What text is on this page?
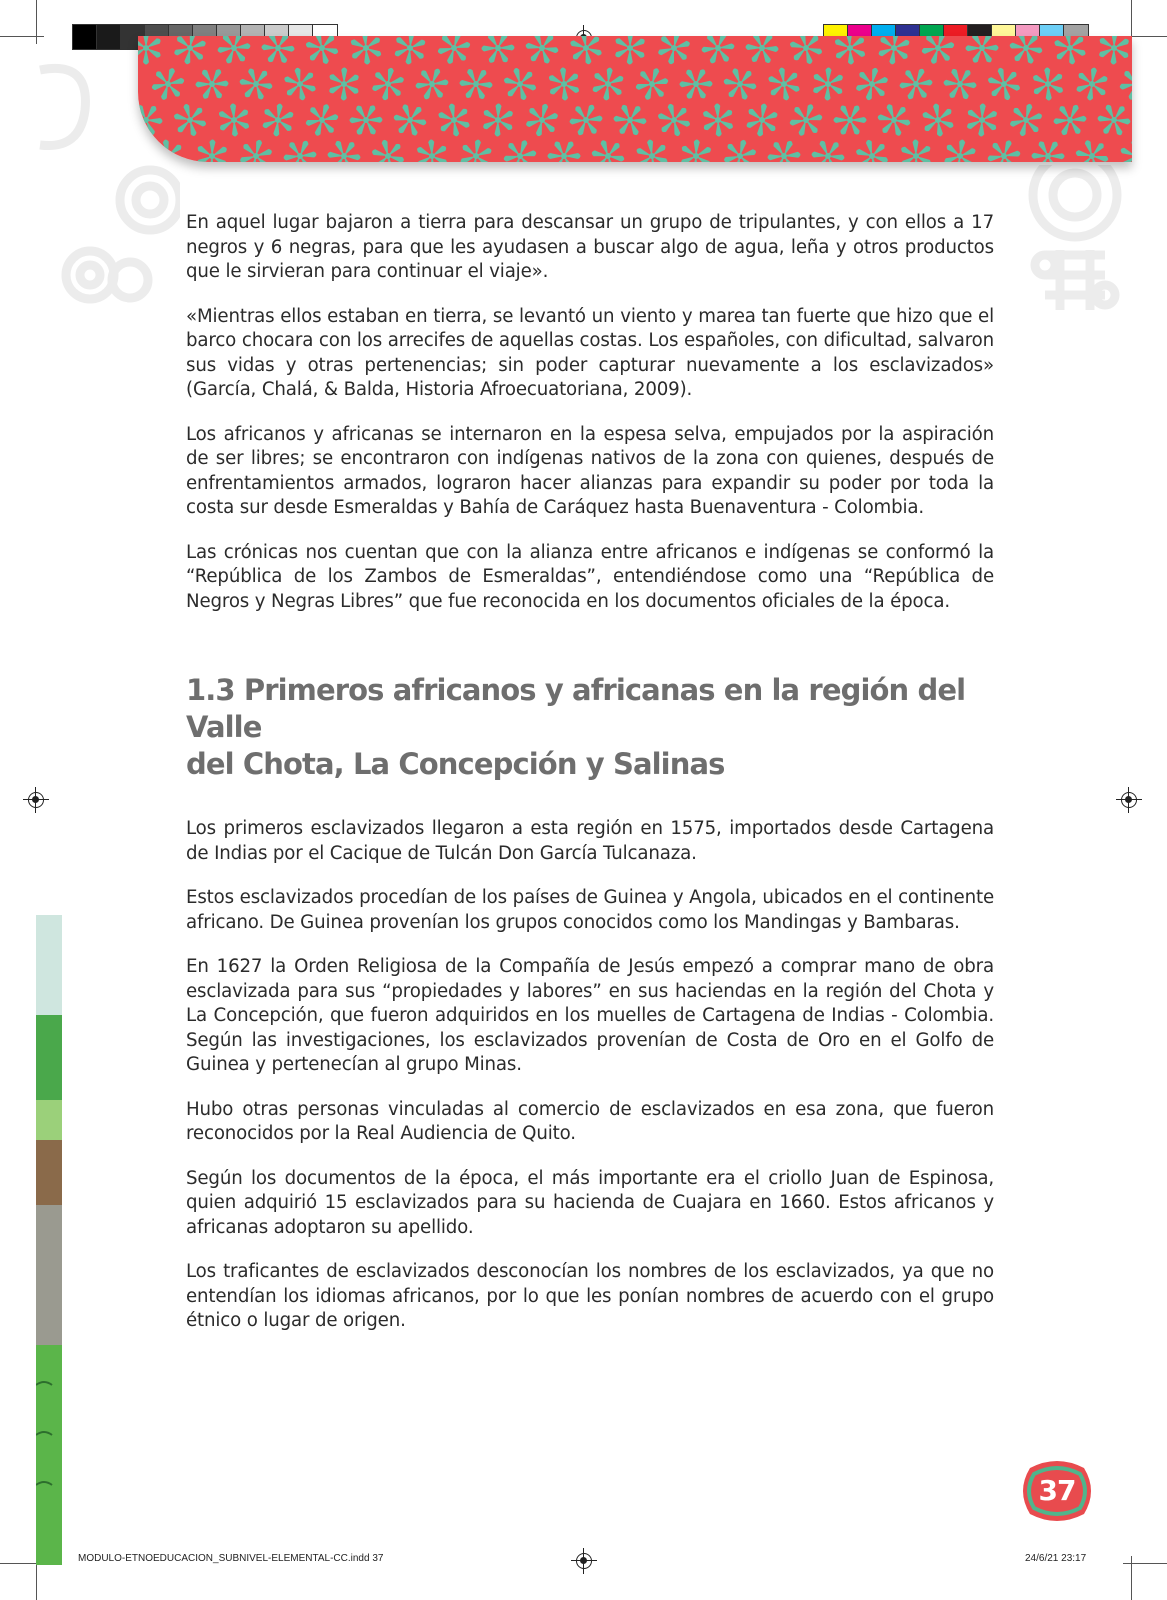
En aquel lugar bajaron a tierra para descansar un grupo de tripulantes, y con ellos a 17 negros y 6 negras, para que les ayudasen a buscar algo de agua, leña y otros productos que le sirvieran para continuar el viaje».

«Mientras ellos estaban en tierra, se levantó un viento y marea tan fuerte que hizo que el barco chocara con los arrecifes de aquellas costas. Los españoles, con dificultad, salvaron sus vidas y otras pertenencias; sin poder capturar nuevamente a los esclavizados» (García, Chalá, & Balda, Historia Afroecuatoriana, 2009).

Los africanos y africanas se internaron en la espesa selva, empujados por la aspiración de ser libres; se encontraron con indígenas nativos de la zona con quienes, después de enfrentamientos armados, lograron hacer alianzas para expandir su poder por toda la costa sur desde Esmeraldas y Bahía de Caráquez hasta Buenaventura - Colombia.

Las crónicas nos cuentan que con la alianza entre africanos e indígenas se conformó la “República de los Zambos de Esmeraldas”, entendiéndose como una “República de Negros y Negras Libres” que fue reconocida en los documentos oficiales de la época.

1.3 Primeros africanos y africanas en la región del Valle
del Chota, La Concepción y Salinas

Los primeros esclavizados llegaron a esta región en 1575, importados desde Cartagena de Indias por el Cacique de Tulcán Don García Tulcanaza.

Estos esclavizados procedían de los países de Guinea y Angola, ubicados en el continente africano. De Guinea provenían los grupos conocidos como los Mandingas y Bambaras.

En 1627 la Orden Religiosa de la Compañía de Jesús empezó a comprar mano de obra esclavizada para sus “propiedades y labores” en sus haciendas en la región del Chota y La Concepción, que fueron adquiridos en los muelles de Cartagena de Indias - Colombia. Según las investigaciones, los esclavizados provenían de Costa de Oro en el Golfo de Guinea y pertenecían al grupo Minas.

Hubo otras personas vinculadas al comercio de esclavizados en esa zona, que fueron reconocidos por la Real Audiencia de Quito.

Según los documentos de la época, el más importante era el criollo Juan de Espinosa, quien adquirió 15 esclavizados para su hacienda de Cuajara en 1660. Estos africanos y africanas adoptaron su apellido.

Los traficantes de esclavizados desconocían los nombres de los esclavizados, ya que no entendían los idiomas africanos, por lo que les ponían nombres de acuerdo con el grupo étnico o lugar de origen.

37
MODULO-ETNOEDUCACION_SUBNIVEL-ELEMENTAL-CC.indd 37	24/6/21 23:17
